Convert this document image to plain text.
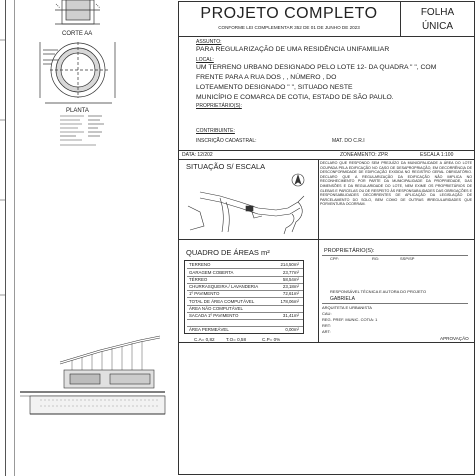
CORTE AA
PLANTA
PROJETO COMPLETO
CONFORME LEI COMPLEMENTAR 352 DE 01 DE JUNHO DE 2023
FOLHA
ÚNICA
ASSUNTO:
PARA REGULARIZAÇÃO DE UMA RESIDÊNCIA UNIFAMILIAR
LOCAL:
UM TERRENO URBANO DESIGNADO PELO LOTE 12- DA QUADRA " ", COM
FRENTE PARA A RUA DOS , , NÚMERO , DO
LOTEAMENTO DESIGNADO " ", SITUADO NESTE
MUNICÍPIO E COMARCA DE COTIA, ESTADO DE SÃO PAULO.
PROPRIETÁRIO(S):
CONTRIBUINTE:
INSCRIÇÃO CADASTRAL:	MAT. DO C.R.I
DATA: 12/202	ZONEAMENTO: ZPR	ESCALA 1:100
SITUAÇÃO S/ ESCALA	DECLARO QUE RESPONDO SEM PREJUÍZO DA MUNICIPALIDADE A ÁREA DO LOTE OCUPADA PELA EDIFICAÇÃO NO CASO DE DESAPROPRIAÇÃO, EM DECORRÊNCIA DE DESCONFORMIDADE DE EDIFICAÇÃO EXIGIDA NO REGISTRO GERAL OBRIGATÓRIO. DECLARO QUE A REGULARIZAÇÃO DA EDIFICAÇÃO NÃO IMPLICA NO RECONHECIMENTO POR PARTE DA MUNICIPALIDADE DA PROPRIEDADE, DAS DIMENSÕES E DA REGULARIDADE DO LOTE, NEM EXIME OS PROPRIETÁRIOS DE GLEBAS E PARCELAS OU DE RESPEITO ÀS RESPONSABILIDADES DAS OBRIGAÇÕES E RESPONSABILIDADES DECORRENTES DE APLICAÇÃO DA LEGISLAÇÃO DE PARCELAMENTO DO SOLO, BEM COMO DE OUTRAS IRREGULARIDADES QUE PORVENTURA OCORRAM.
QUADRO DE ÁREAS m²
TERRENO	214,50m²
GARAGEM COBERTA	23,77m²
TÉRREO	58,54m²
CHURRASQUEIRA / LAVANDERIA	23,18m²
1º PAVIMENTO	72,61m²
TOTAL DE ÁREA COMPUTÁVEL	178,06m²
ÁREA NÃO COMPUTÁVEL
SACADA 1º PAVIMENTO	31,41m²
ÁREA PERMEÁVEL	0,00m²
C.A= 0,82 T.O= 0,58	C.P= 0%
PROPRIETÁRIO(S):
CPF:	RG:	SSP/SP
RESPONSÁVEL TÉCNICA E AUTORA DO PROJETO
GABRIELA
ARQUITETA E URBANISTA
CAU:
REG. PREF. MUNIC. COTIA: 1
RRT:
ART:
APROVAÇÃO
